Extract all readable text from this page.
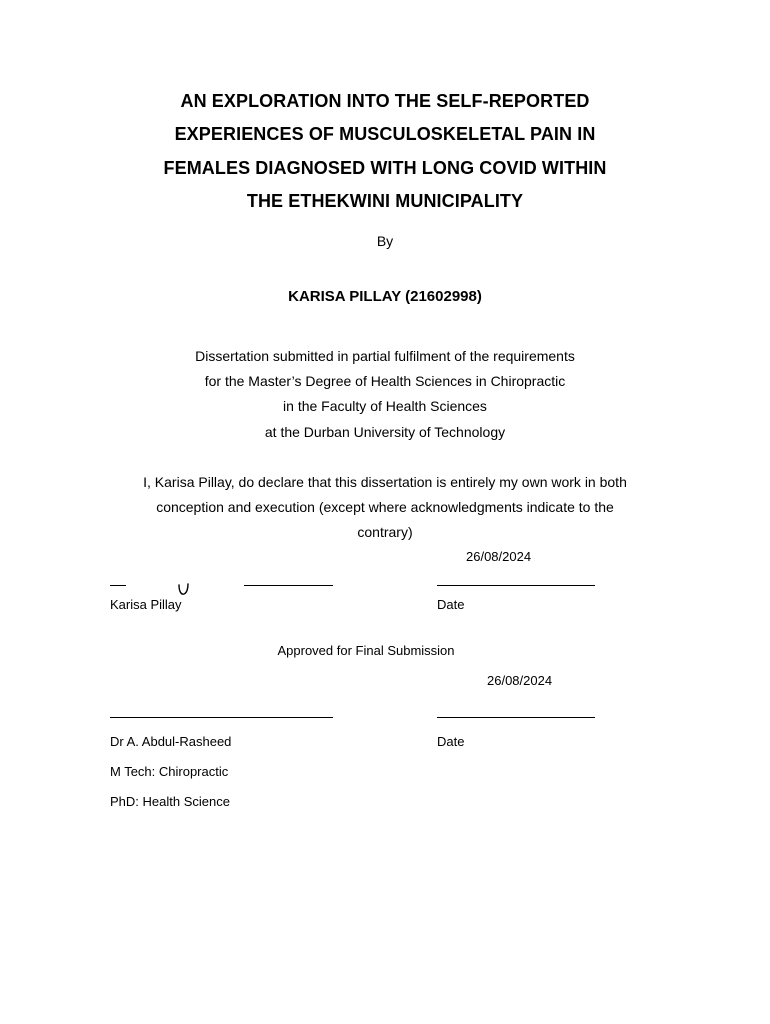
AN EXPLORATION INTO THE SELF-REPORTED
EXPERIENCES OF MUSCULOSKELETAL PAIN IN
FEMALES DIAGNOSED WITH LONG COVID WITHIN
THE ETHEKWINI MUNICIPALITY
By
KARISA PILLAY (21602998)
Dissertation submitted in partial fulfilment of the requirements
for the Master’s Degree of Health Sciences in Chiropractic
in the Faculty of Health Sciences
at the Durban University of Technology
I, Karisa Pillay, do declare that this dissertation is entirely my own work in both
conception and execution (except where acknowledgments indicate to the
contrary)
26/08/2024
Karisa Pillay	Date
Approved for Final Submission
26/08/2024
Dr A. Abdul-Rasheed	Date
M Tech: Chiropractic
PhD: Health Science
